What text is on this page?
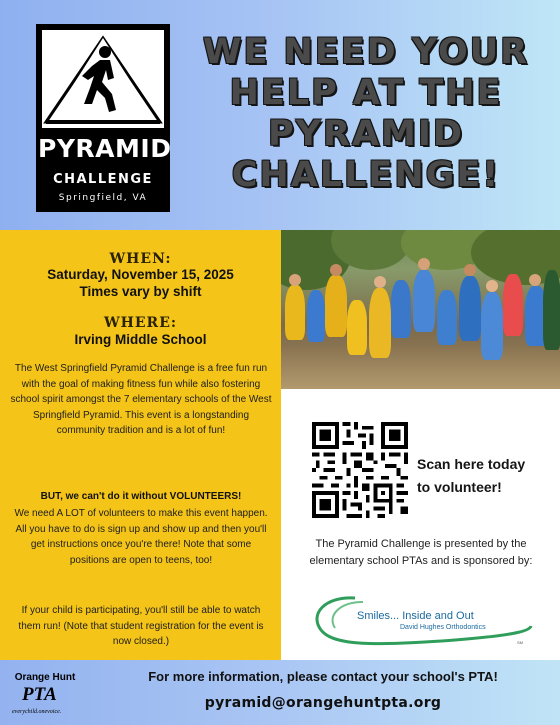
PYRAMID
CHALLENGE
Springfield, VA
WE NEED YOUR
HELP AT THE
PYRAMID
CHALLENGE!
WHEN:
Saturday, November 15, 2025
Times vary by shift
WHERE:
Irving Middle School
The West Springfield Pyramid Challenge is a free fun run with the goal of making fitness fun while also fostering school spirit amongst the 7 elementary schools of the West Springfield Pyramid. This event is a longstanding community tradition and is a lot of fun!
BUT, we can't do it without VOLUNTEERS!
We need A LOT of volunteers to make this event happen. All you have to do is sign up and show up and then you'll get instructions once you're there! Note that some positions are open to teens, too!
If your child is participating, you'll still be able to watch them run! (Note that student registration for the event is now closed.)
Scan here today
to volunteer!
The Pyramid Challenge is presented by the elementary school PTAs and is sponsored by:
SM
Smiles... Inside and Out
David Hughes Orthodontics
Orange Hunt
PTA
everychild.onevoice.
For more information, please contact your school's PTA!
pyramid@orangehuntpta.org
